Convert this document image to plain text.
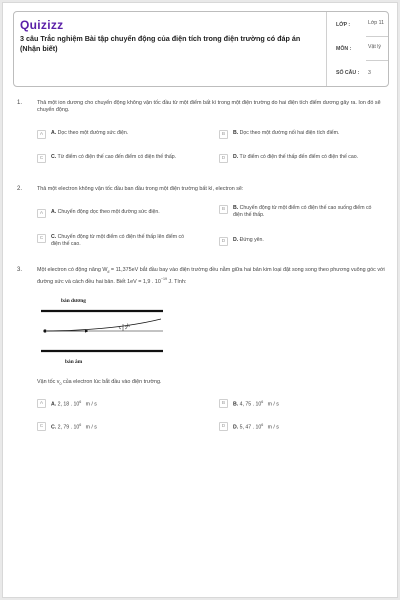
Quizizz
3 câu Trắc nghiệm Bài tập chuyển động của điện tích trong điện trường có đáp án (Nhận biết)
LỚP :	Lớp 11
MÔN :	Vật lý
SỐ CÂU : 3
1.	Thả một ion dương cho chuyển động không vận tốc đầu từ một điểm bất kì trong một điện trường do hai điện tích điểm dương gây ra. Ion đó sẽ chuyển động.
A	A. Dọc theo một đường sức điện.	B	B. Dọc theo một đường nối hai điện tích điểm.
C	C. Từ điểm có điện thế cao đến điểm có điện thế thấp.	D	D. Từ điểm có điện thế thấp đến điểm có điện thế cao.
2.	Thả một electron không vận tốc đầu ban đầu trong một điện trường bất kì, electron sẽ:
A	A. Chuyển động dọc theo một đường sức điện.	B	B. Chuyển động từ một điểm có điện thế cao xuống điểm có điện thế thấp.
C	C. Chuyển động từ một điểm có điện thế thấp lên điểm có điện thế cao.	D	D. Đứng yên.
3.	Một electron có động năng $W_đ = 11,375eV$ bắt đầu bay vào điện trường đều nằm giữa hai bản kim loại đặt song song theo phương vuông góc với đường sức và cách đều hai bản. Biết 1eV = 1,9 . $10^{-19}$ J. Tính:
bản dương
h
bản âm
Vận tốc $v_0$ của electron lúc bắt đầu vào điện trường.
A	A. 2, 18 . $10^6$ m / s	B	B. 4, 75 . $10^6$ m / s
C	C. 2, 79 . $10^6$ m / s	D	D. 5, 47 . $10^6$ m / s
